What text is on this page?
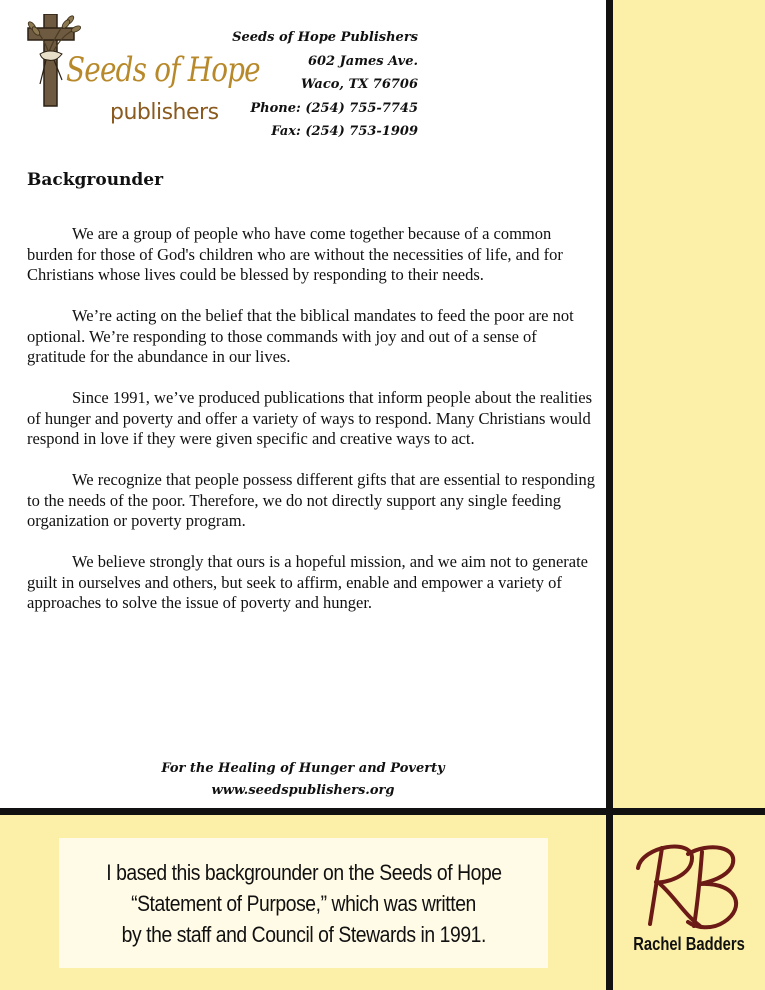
Seeds of Hope
publishers
Seeds of Hope Publishers
602 James Ave.
Waco, TX 76706
Phone: (254) 755-7745
Fax: (254) 753-1909
Backgrounder

We are a group of people who have come together because of a common burden for those of God's children who are without the necessities of life, and for Christians whose lives could be blessed by responding to their needs.

We’re acting on the belief that the biblical mandates to feed the poor are not optional. We’re responding to those commands with joy and out of a sense of gratitude for the abundance in our lives.

Since 1991, we’ve produced publications that inform people about the realities of hunger and poverty and offer a variety of ways to respond. Many Christians would respond in love if they were given specific and creative ways to act.

We recognize that people possess different gifts that are essential to responding to the needs of the poor. Therefore, we do not directly support any single feeding organization or poverty program.

We believe strongly that ours is a hopeful mission, and we aim not to generate guilt in ourselves and others, but seek to affirm, enable and empower a variety of approaches to solve the issue of poverty and hunger.

For the Healing of Hunger and Poverty
www.seedspublishers.org
I based this backgrounder on the Seeds of Hope
“Statement of Purpose,” which was written
by the staff and Council of Stewards in 1991.	Rachel Badders
